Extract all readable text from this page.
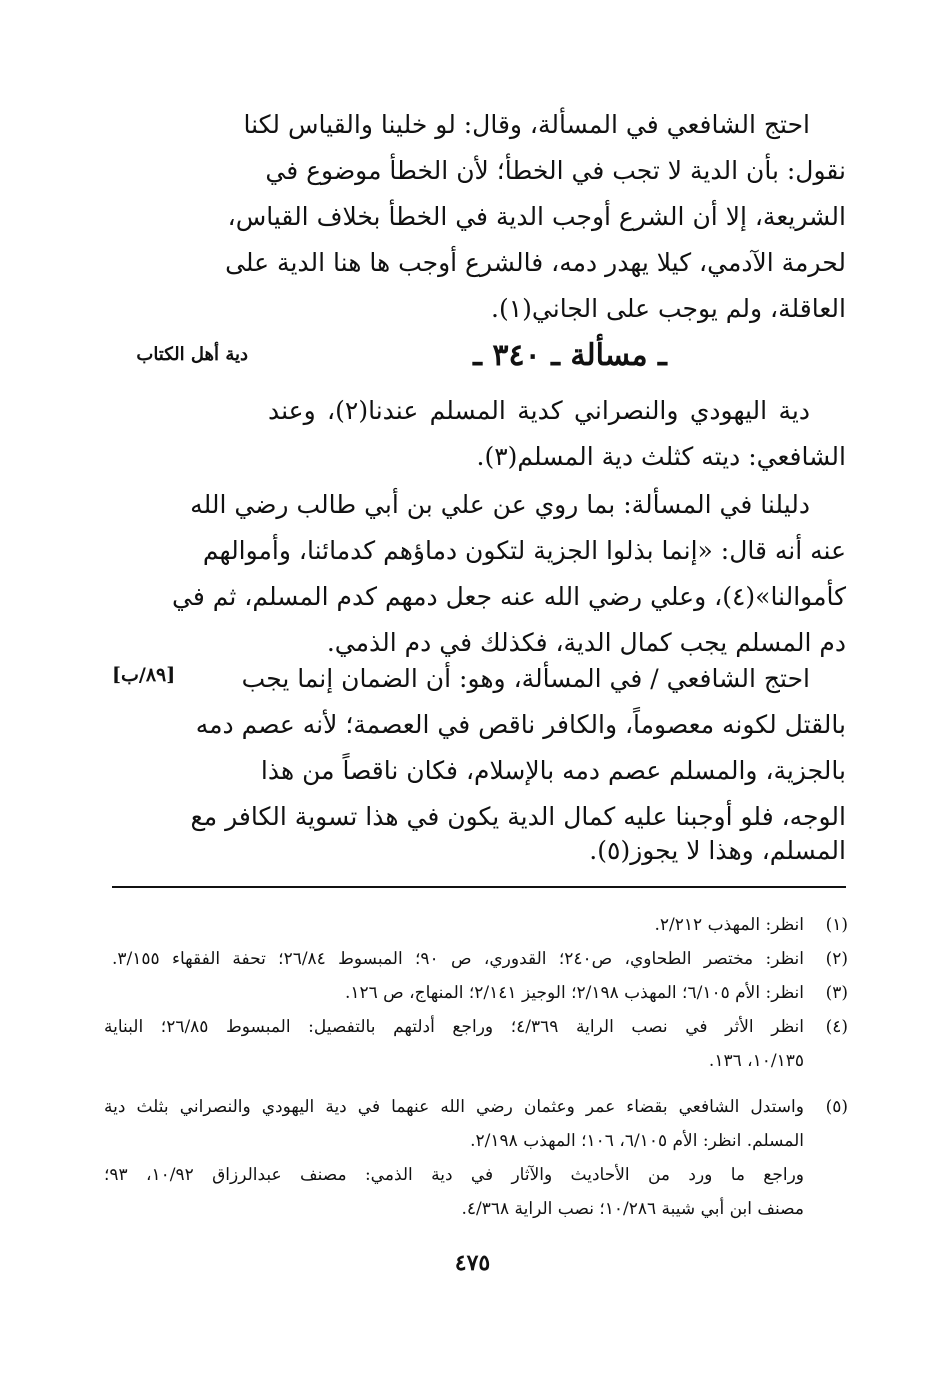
احتج الشافعي في المسألة، وقال: لو خلينا والقياس لكنا
نقول: بأن الدية لا تجب في الخطأ؛ لأن الخطأ موضوع في
الشريعة، إلا أن الشرع أوجب الدية في الخطأ بخلاف القياس،
لحرمة الآدمي، كيلا يهدر دمه، فالشرع أوجب ها هنا الدية على
العاقلة، ولم يوجب على الجاني(١).
ـ مسألة ـ ٣٤٠ ـ
دية أهل الكتاب
دية اليهودي والنصراني كدية المسلم عندنا(٢)، وعند
الشافعي: ديته كثلث دية المسلم(٣).
دليلنا في المسألة: بما روي عن علي بن أبي طالب رضي الله
عنه أنه قال: «إنما بذلوا الجزية لتكون دماؤهم كدمائنا، وأموالهم
كأموالنا»(٤)، وعلي رضي الله عنه جعل دمهم كدم المسلم، ثم في
دم المسلم يجب كمال الدية، فكذلك في دم الذمي.
[٨٩/ب]	احتج الشافعي / في المسألة، وهو: أن الضمان إنما يجب
بالقتل لكونه معصوماً، والكافر ناقص في العصمة؛ لأنه عصم دمه
بالجزية، والمسلم عصم دمه بالإسلام، فكان ناقصاً من هذا
الوجه، فلو أوجبنا عليه كمال الدية يكون في هذا تسوية الكافر مع
المسلم، وهذا لا يجوز(٥).
(١)
انظر: المهذب ٢/٢١٢.
(٢)
انظر: مختصر الطحاوي، ص٢٤٠؛ القدوري، ص ٩٠؛ المبسوط ٢٦/٨٤؛ تحفة الفقهاء ٣/١٥٥.
(٣)
انظر: الأم ٦/١٠٥؛ المهذب ٢/١٩٨؛ الوجيز ٢/١٤١؛ المنهاج، ص ١٢٦.
(٤)
انظر الأثر في نصب الراية ٤/٣٦٩؛ وراجع أدلتهم بالتفصيل: المبسوط ٢٦/٨٥؛ البناية
١٠/١٣٥، ١٣٦.
(٥)
واستدل الشافعي بقضاء عمر وعثمان رضي الله عنهما في دية اليهودي والنصراني بثلث دية
المسلم. انظر: الأم ٦/١٠٥، ١٠٦؛ المهذب ٢/١٩٨.
وراجع ما ورد من الأحاديث والآثار في دية الذمي: مصنف عبدالرزاق ١٠/٩٢، ٩٣؛
مصنف ابن أبي شيبة ١٠/٢٨٦؛ نصب الراية ٤/٣٦٨.
٤٧٥
